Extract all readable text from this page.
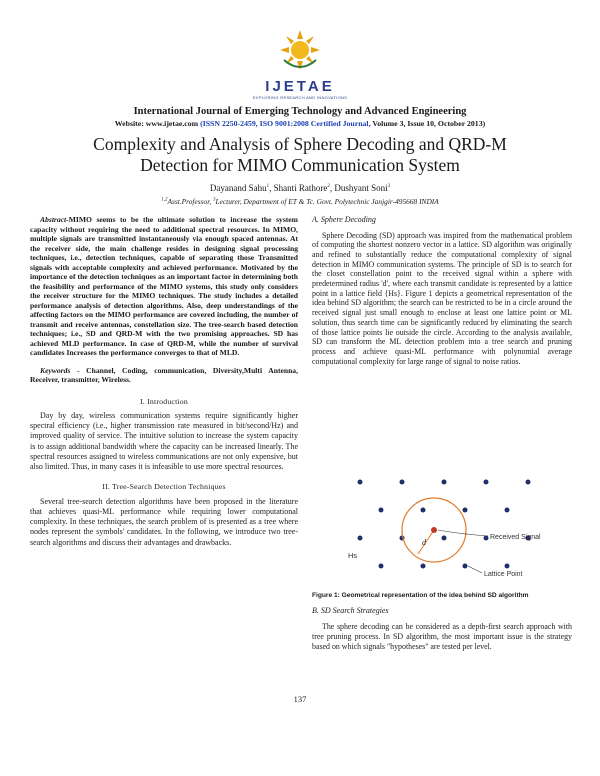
IJETAE
EXPLORING RESEARCH AND INNOVATIONS
International Journal of Emerging Technology and Advanced Engineering
Website: www.ijetae.com (ISSN 2250-2459, ISO 9001:2008 Certified Journal, Volume 3, Issue 10, October 2013)
Complexity and Analysis of Sphere Decoding and QRD-M
Detection for MIMO Communication System
Dayanand Sahu$^1$, Shanti Rathore$^2$, Dushyant Soni$^3$
$^{1,2}$Asst.Professor, $^3$Lecturer, Department of ET & Tc. Govt. Polytechnic Janjgir-495668 INDIA

Abstract-MIMO seems to be the ultimate solution to increase the system capacity without requiring the need to additional spectral resources. In MIMO, multiple signals are transmitted instantaneously via enough spaced antennas. At the receiver side, the main challenge resides in designing signal processing techniques, i.e., detection techniques, capable of separating those Transmitted signals with acceptable complexity and achieved performance. Motivated by the importance of the detection techniques as an important factor in determining both the feasibility and performance of the MIMO systems, this study only considers the receiver structure for the MIMO techniques. The study includes a detailed performance analysis of detection algorithms. Also, deep understandings of the affecting factors on the MIMO performance are covered including, the number of transmit and receive antennas, constellation size. The tree-search based detection techniques; i.e., SD and QRD-M with the two promising approaches. SD has achieved MLD performance. In case of QRD-M, while the number of survival candidates Increases the performance converges to that of MLD.

Keywords - Channel, Coding, communication, Diversity,Multi Antenna, Receiver, transmitter, Wireless.

I. Introduction

Day by day, wireless communication systems require significantly higher spectral efficiency (i.e., higher transmission rate measured in bit/second/Hz) and improved quality of service. The intuitive solution to increase the system capacity is to assign additional bandwidth where the capacity can be increased linearly. The spectral resources assigned to wireless communications are not only expensive, but also limited. Thus, in many cases it is infeasible to use more spectral resources.

II. Tree-Search Detection Techniques

Several tree-search detection algorithms have been proposed in the literature that achieves quasi-ML performance while requiring lower computational complexity. In these techniques, the search problem of is presented as a tree where nodes represent the symbols' candidates. In the following, we introduce two tree-search algorithms and discuss their advantages and drawbacks.

A. Sphere Decoding

Sphere Decoding (SD) approach was inspired from the mathematical problem of computing the shortest nonzero vector in a lattice. SD algorithm was originally and refined to substantially reduce the computational complexity of signal detection in MIMO communication systems. The principle of SD is to search for the closet constellation point to the received signal within a sphere with predetermined radius 'd', where each transmit candidate is represented by a lattice point in a lattice field {Hs}. Figure 1 depicts a geometrical representation of the idea behind SD algorithm; the search can be restricted to be in a circle around the received signal just small enough to enclose at least one lattice point or ML solution, thus search time can be significantly reduced by eliminating the search of those lattice points lie outside the circle. According to the analysis available, SD can transform the ML detection problem into a tree search and pruning process and achieve quasi-ML performance with polynomial average computational complexity for large range of signal to noise ratios.

d
Received Signal
Hs
Lattice Point
Figure 1: Geometrical representation of the idea behind SD algorithm
B. SD Search Strategies

The sphere decoding can be considered as a depth-first search approach with tree pruning process. In SD algorithm, the most important issue is the strategy based on which signals "hypotheses" are tested per level.

137
